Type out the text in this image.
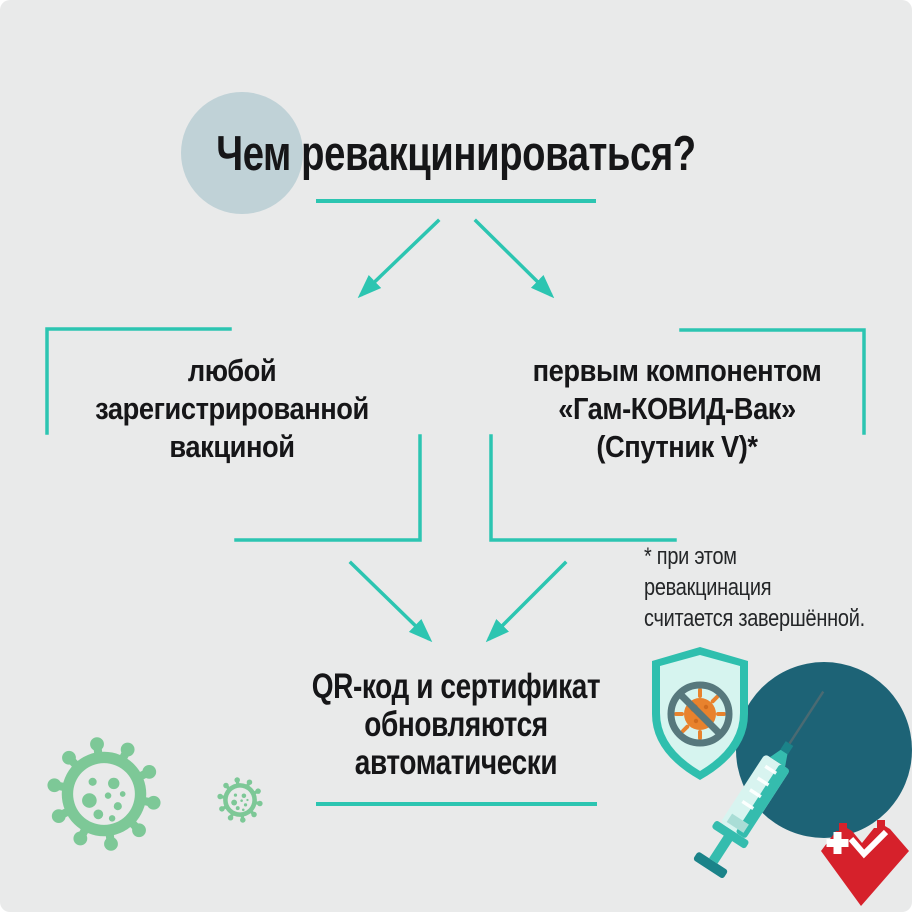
Чем ревакцинироваться?
любой
зарегистрированной
вакциной
первым компонентом
«Гам-КОВИД-Вак»
(Спутник V)*
* при этом ревакцинация
считается завершённой.
QR-код и сертификат
обновляются
автоматически
